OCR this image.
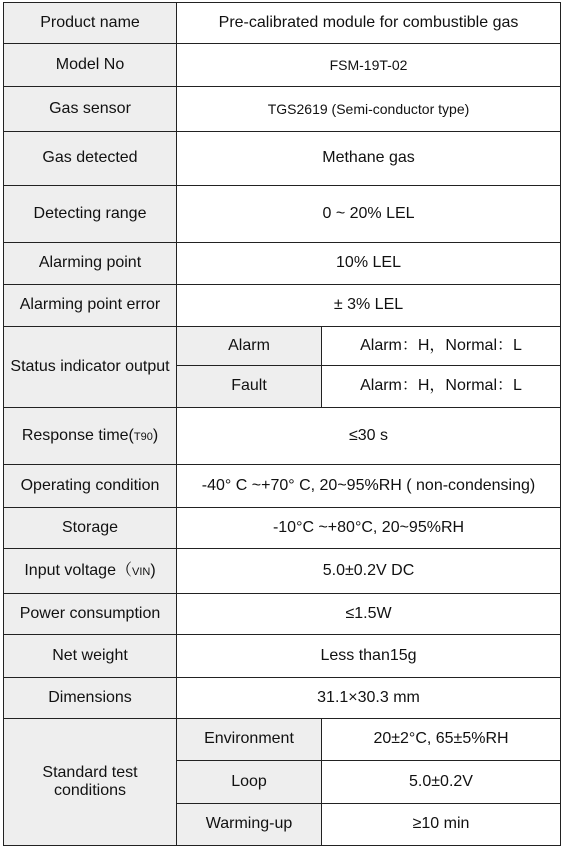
Product name	Pre-calibrated module for combustible gas	
Model No	FSM-19T-02	
Gas sensor	TGS2619 (Semi-conductor type)	
Gas detected	Methane gas	
Detecting range	0 ~ 20% LEL	
Alarming point	10% LEL	
Alarming point error	± 3% LEL	
Status indicator output	Alarm	Alarm：H，Normal：L
	Fault	Alarm：H，Normal：L
Response time(T90)	≤30 s	
Operating condition	-40° C ~+70° C, 20~95%RH ( non-condensing)	
Storage	-10°C ~+80°C, 20~95%RH	
Input voltage（VIN)	5.0±0.2V DC	
Power consumption	≤1.5W	
Net weight	Less than15g	
Dimensions	31.1×30.3 mm	
Standard test conditions	Environment	20±2°C, 65±5%RH
	Loop	5.0±0.2V
	Warming-up	≥10 min
